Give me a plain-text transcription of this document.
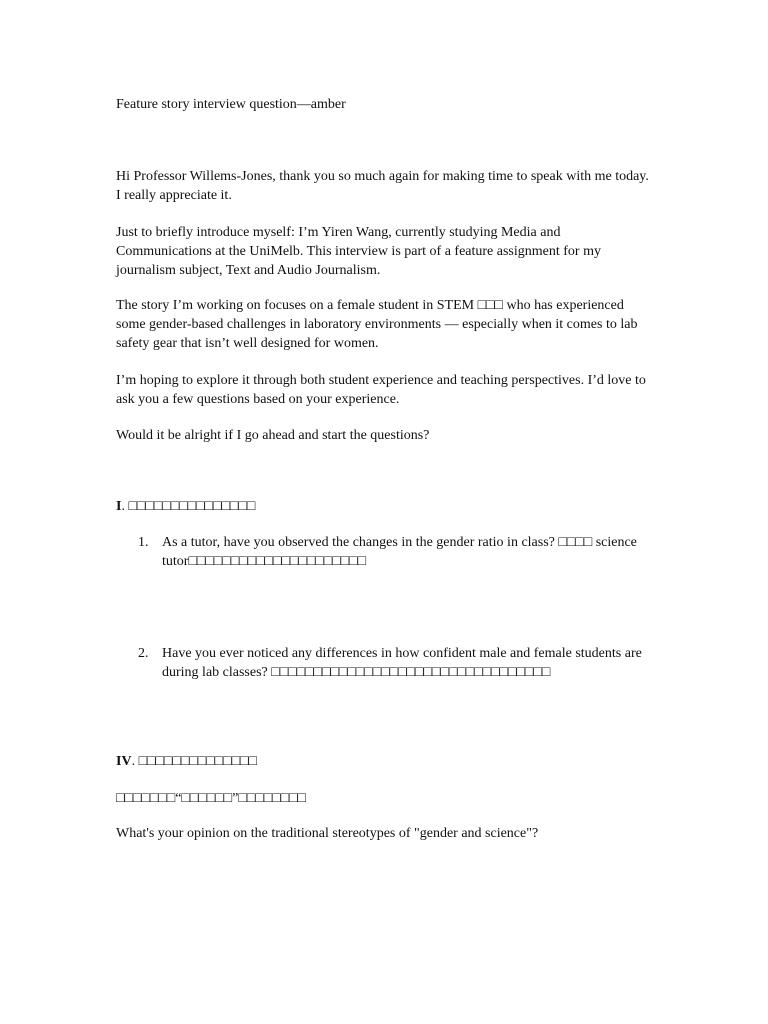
Feature story interview question—amber

Hi Professor Willems-Jones, thank you so much again for making time to speak with me today. I really appreciate it.

Just to briefly introduce myself: I’m Yiren Wang, currently studying Media and Communications at the UniMelb. This interview is part of a feature assignment for my journalism subject, Text and Audio Journalism.

The story I’m working on focuses on a female student in STEM □□□ who has experienced some gender-based challenges in laboratory environments — especially when it comes to lab safety gear that isn’t well designed for women.

I’m hoping to explore it through both student experience and teaching perspectives. I’d love to ask you a few questions based on your experience.

Would it be alright if I go ahead and start the questions?

I. □□□□□□□□□□□□□□□

1. As a tutor, have you observed the changes in the gender ratio in class? □□□□ science tutor□□□□□□□□□□□□□□□□□□□□□
2. Have you ever noticed any differences in how confident male and female students are during lab classes? □□□□□□□□□□□□□□□□□□□□□□□□□□□□□□□□□

IV. □□□□□□□□□□□□□□

□□□□□□□“□□□□□□”□□□□□□□□

What's your opinion on the traditional stereotypes of "gender and science"?
